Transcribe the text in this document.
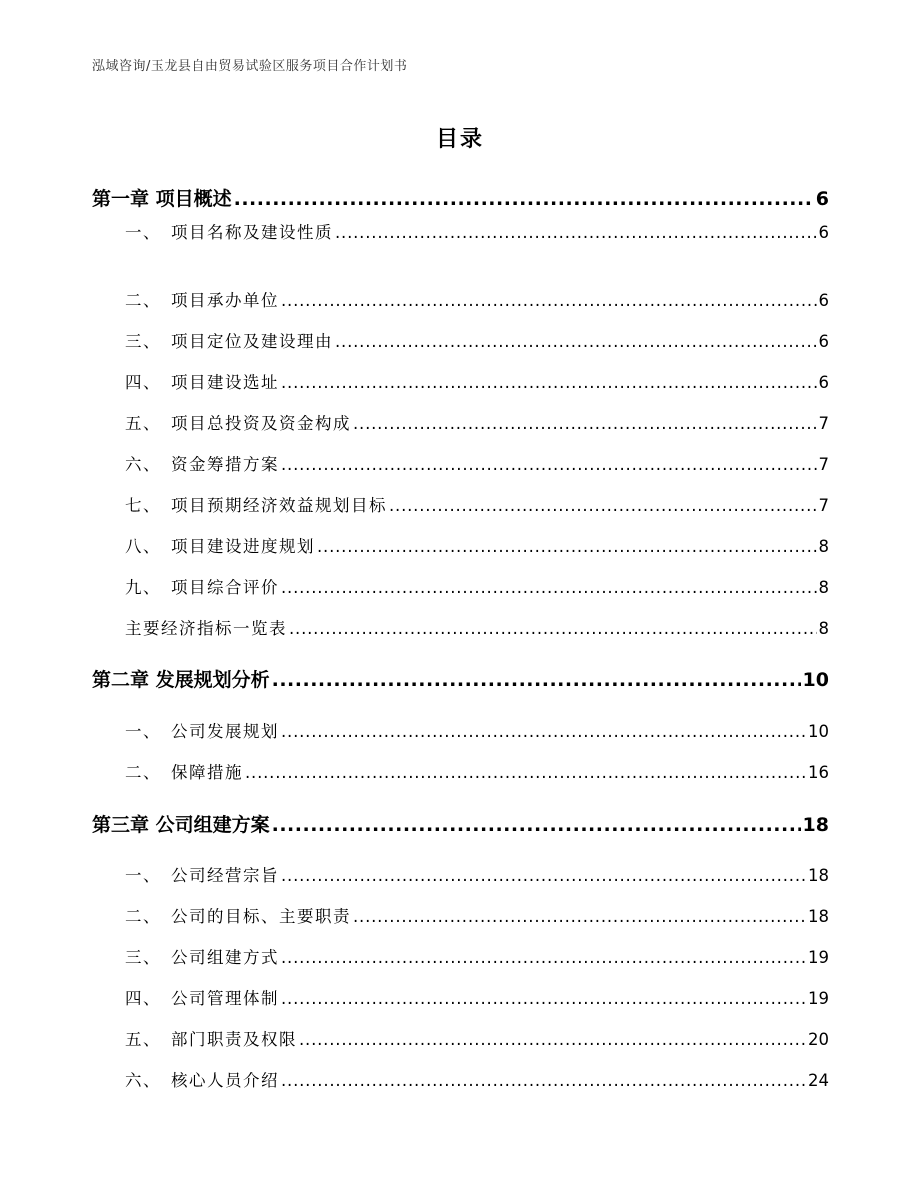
泓域咨询/玉龙县自由贸易试验区服务项目合作计划书
目录
第一章 项目概述 .....	6
一、 项目名称及建设性质 .....	6
二、 项目承办单位 .....	6
三、 项目定位及建设理由 .....	6
四、 项目建设选址 .....	6
五、 项目总投资及资金构成 .....	7
六、 资金筹措方案 .....	7
七、 项目预期经济效益规划目标 .....	7
八、 项目建设进度规划 .....	8
九、 项目综合评价 .....	8
主要经济指标一览表 .....	8
第二章 发展规划分析 .....	10
一、 公司发展规划 .....	10
二、 保障措施 .....	16
第三章 公司组建方案 .....	18
一、 公司经营宗旨 .....	18
二、 公司的目标、主要职责 .....	18
三、 公司组建方式 .....	19
四、 公司管理体制 .....	19
五、 部门职责及权限 .....	20
六、 核心人员介绍 .....	24
